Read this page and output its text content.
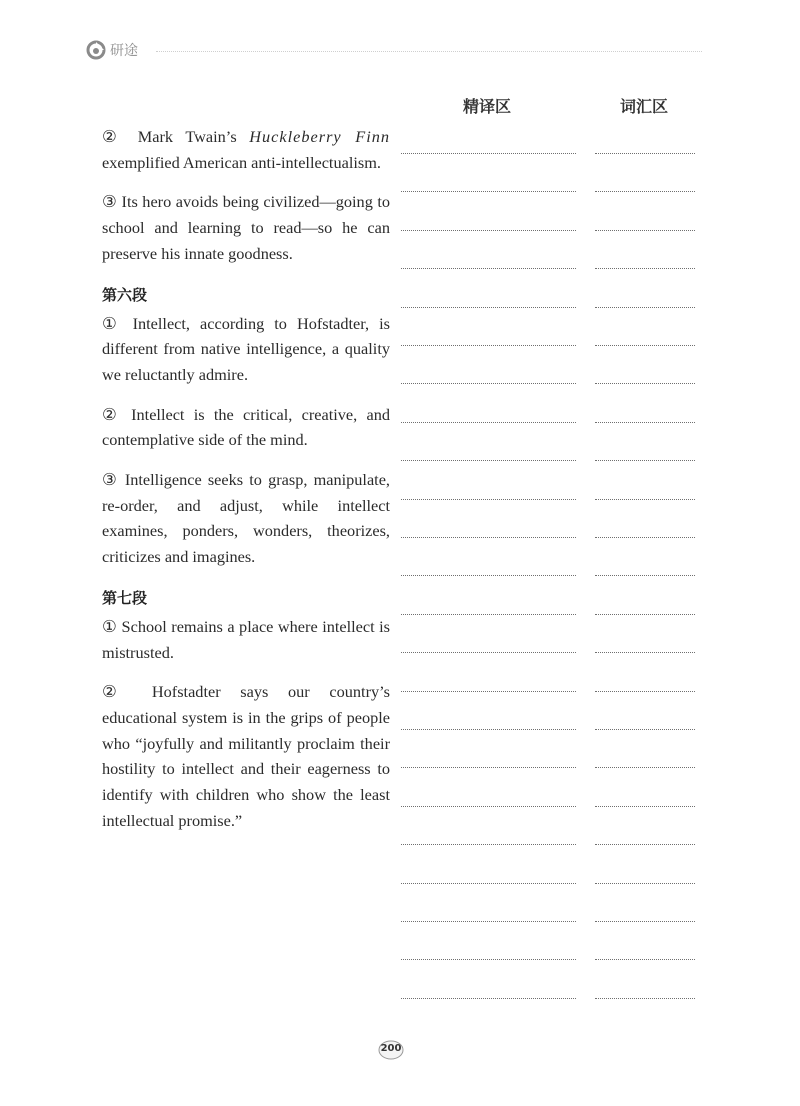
研途
精译区	词汇区

② Mark Twain’s Huckleberry Finn exemplified American anti-intellectualism.

③ Its hero avoids being civilized—going to school and learning to read—so he can preserve his innate goodness.

第六段

① Intellect, according to Hofstadter, is different from native intelligence, a quality we reluctantly admire.

② Intellect is the critical, creative, and contemplative side of the mind.

③ Intelligence seeks to grasp, manipulate, re-order, and adjust, while intellect examines, ponders, wonders, theorizes, criticizes and imagines.

第七段

① School remains a place where intellect is mistrusted.

② Hofstadter says our country’s educational system is in the grips of people who “joyfully and militantly proclaim their hostility to intellect and their eagerness to identify with children who show the least intellectual promise.”

200
